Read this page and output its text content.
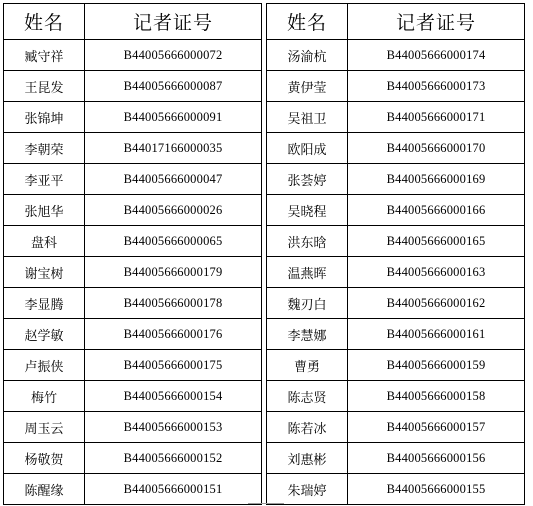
姓名	记者证号
臧守祥	B44005666000072
王昆发	B44005666000087
张锦坤	B44005666000091
李朝荣	B44017166000035
李亚平	B44005666000047
张旭华	B44005666000026
盘科	B44005666000065
谢宝树	B44005666000179
李显腾	B44005666000178
赵学敏	B44005666000176
卢振侠	B44005666000175
梅竹	B44005666000154
周玉云	B44005666000153
杨敬贺	B44005666000152
陈醒缘	B44005666000151
姓名	记者证号
汤渝杭	B44005666000174
黄伊莹	B44005666000173
吴祖卫	B44005666000171
欧阳成	B44005666000170
张荟婷	B44005666000169
吴晓程	B44005666000166
洪东晗	B44005666000165
温燕晖	B44005666000163
魏刃白	B44005666000162
李慧娜	B44005666000161
曹勇	B44005666000159
陈志贤	B44005666000158
陈若冰	B44005666000157
刘惠彬	B44005666000156
朱瑞婷	B44005666000155
